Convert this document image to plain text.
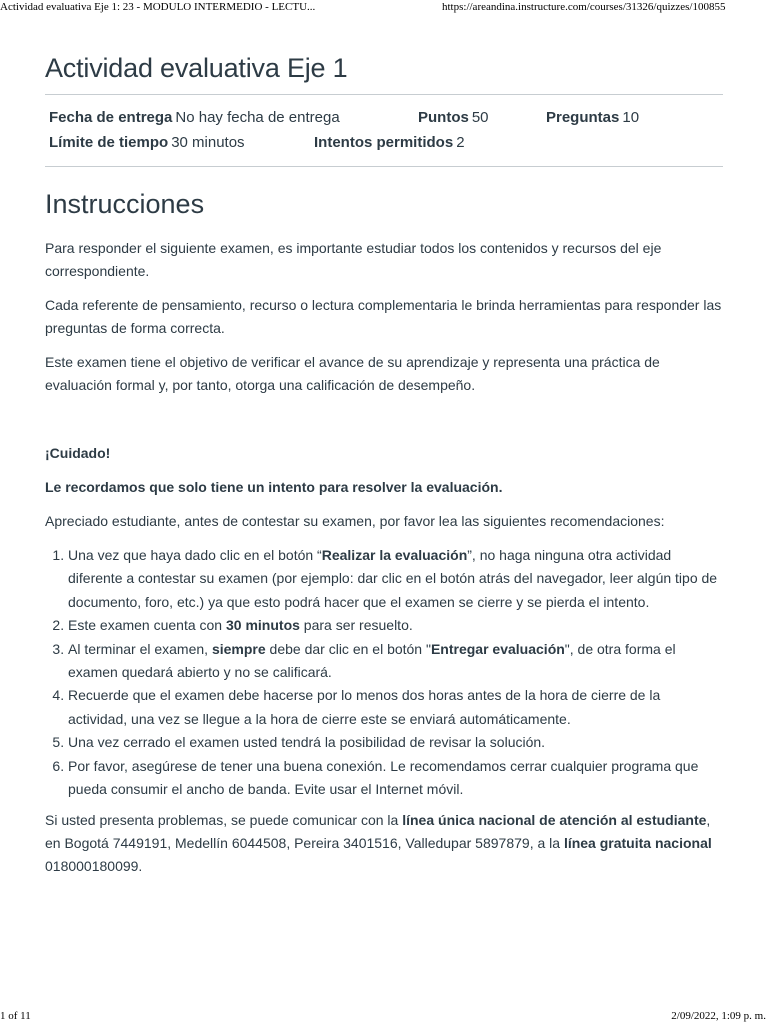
Actividad evaluativa Eje 1: 23 - MODULO INTERMEDIO - LECTU...	https://areandina.instructure.com/courses/31326/quizzes/100855
Actividad evaluativa Eje 1
Fecha de entrega No hay fecha de entrega	Puntos 50	Preguntas 10
Límite de tiempo 30 minutos	Intentos permitidos 2
Instrucciones

Para responder el siguiente examen, es importante estudiar todos los contenidos y recursos del eje correspondiente.

Cada referente de pensamiento, recurso o lectura complementaria le brinda herramientas para responder las preguntas de forma correcta.

Este examen tiene el objetivo de verificar el avance de su aprendizaje y representa una práctica de evaluación formal y, por tanto, otorga una calificación de desempeño.

¡Cuidado!

Le recordamos que solo tiene un intento para resolver la evaluación.

Apreciado estudiante, antes de contestar su examen, por favor lea las siguientes recomendaciones:

1. Una vez que haya dado clic en el botón “Realizar la evaluación”, no haga ninguna otra actividad diferente a contestar su examen (por ejemplo: dar clic en el botón atrás del navegador, leer algún tipo de documento, foro, etc.) ya que esto podrá hacer que el examen se cierre y se pierda el intento.
2. Este examen cuenta con 30 minutos para ser resuelto.
3. Al terminar el examen, siempre debe dar clic en el botón "Entregar evaluación", de otra forma el examen quedará abierto y no se calificará.
4. Recuerde que el examen debe hacerse por lo menos dos horas antes de la hora de cierre de la actividad, una vez se llegue a la hora de cierre este se enviará automáticamente.
5. Una vez cerrado el examen usted tendrá la posibilidad de revisar la solución.
6. Por favor, asegúrese de tener una buena conexión. Le recomendamos cerrar cualquier programa que pueda consumir el ancho de banda. Evite usar el Internet móvil.

Si usted presenta problemas, se puede comunicar con la línea única nacional de atención al estudiante, en Bogotá 7449191, Medellín 6044508, Pereira 3401516, Valledupar 5897879, a la línea gratuita nacional 018000180099.

1 of 11	2/09/2022, 1:09 p. m.
